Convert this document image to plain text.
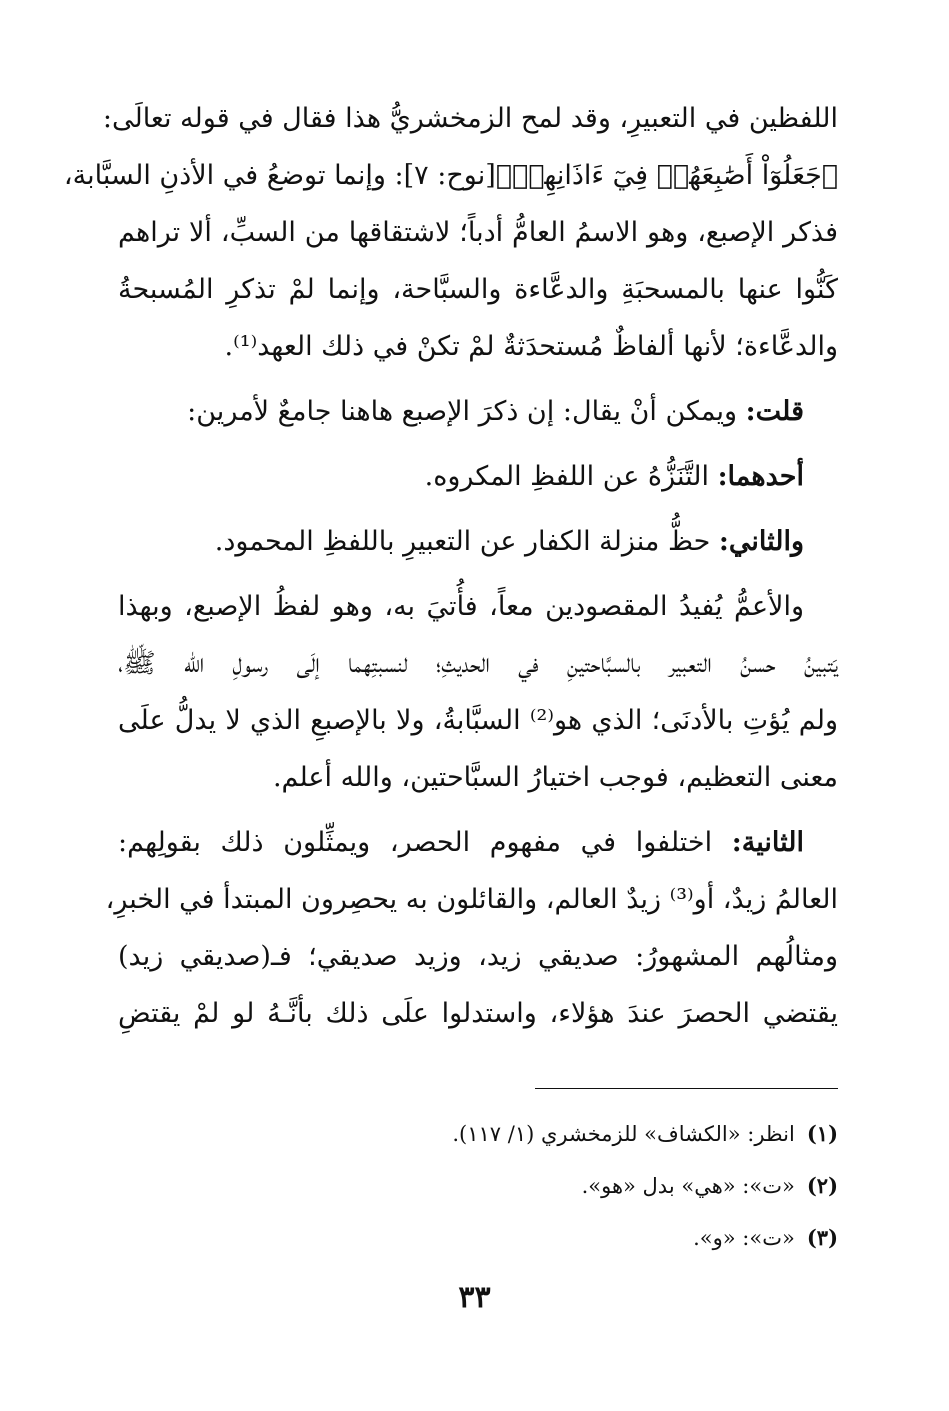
اللفظين في التعبيرِ، وقد لمح الزمخشريُّ هذا فقال في قوله تعالَى:
﴿جَعَلُوٓاْ أَصَٰبِعَهُمۡ فِيٓ ءَاذَانِهِمۡ﴾[نوح: ٧]: وإنما توضعُ في الأذنِ السبَّابة،
فذكر الإصبع، وهو الاسمُ العامُّ أدباً؛ لاشتقاقها من السبِّ، ألا تراهم
كَنُّوا عنها بالمسحبَةِ والدعَّاءة والسبَّاحة، وإنما لمْ تذكرِ المُسبحةُ
والدعَّاءة؛ لأنها ألفاظٌ مُستحدَثةٌ لمْ تكنْ في ذلك العهد⁽¹⁾.
قلت: ويمكن أنْ يقال: إن ذكرَ الإصبع هاهنا جامعٌ لأمرين:
أحدهما: التَّنَزُّهُ عن اللفظِ المكروه.
والثاني: حظُّ منزلة الكفار عن التعبيرِ باللفظِ المحمود.
والأعمُّ يُفيدُ المقصودين معاً، فأُتيَ به، وهو لفظُ الإصبع، وبهذا
يَتبينُ حسنُ التعبير بالسبَّاحتينِ في الحديثِ؛ لنسبتِهما إلَى رسولِ الله ﷺ،
ولم يُؤتِ بالأدنَى؛ الذي هو⁽²⁾ السبَّابةُ، ولا بالإصبعِ الذي لا يدلُّ علَى
معنى التعظيم، فوجب اختيارُ السبَّاحتين، والله أعلم.
الثانية: اختلفوا في مفهوم الحصر، ويمثِّلون ذلك بقولِهم:
العالمُ زيدٌ، أو⁽³⁾ زيدٌ العالم، والقائلون به يحصِرون المبتدأ في الخبرِ،
ومثالُهم المشهورُ: صديقي زيد، وزيد صديقي؛ فـ(صديقي زيد)
يقتضي الحصرَ عندَ هؤلاء، واستدلوا علَى ذلك بأنَّـهُ لو لمْ يقتضِ
(١)انظر: «الكشاف» للزمخشري (١/ ١١٧).
(٢)«ت»: «هي» بدل «هو».
(٣)«ت»: «و».
٣٣
